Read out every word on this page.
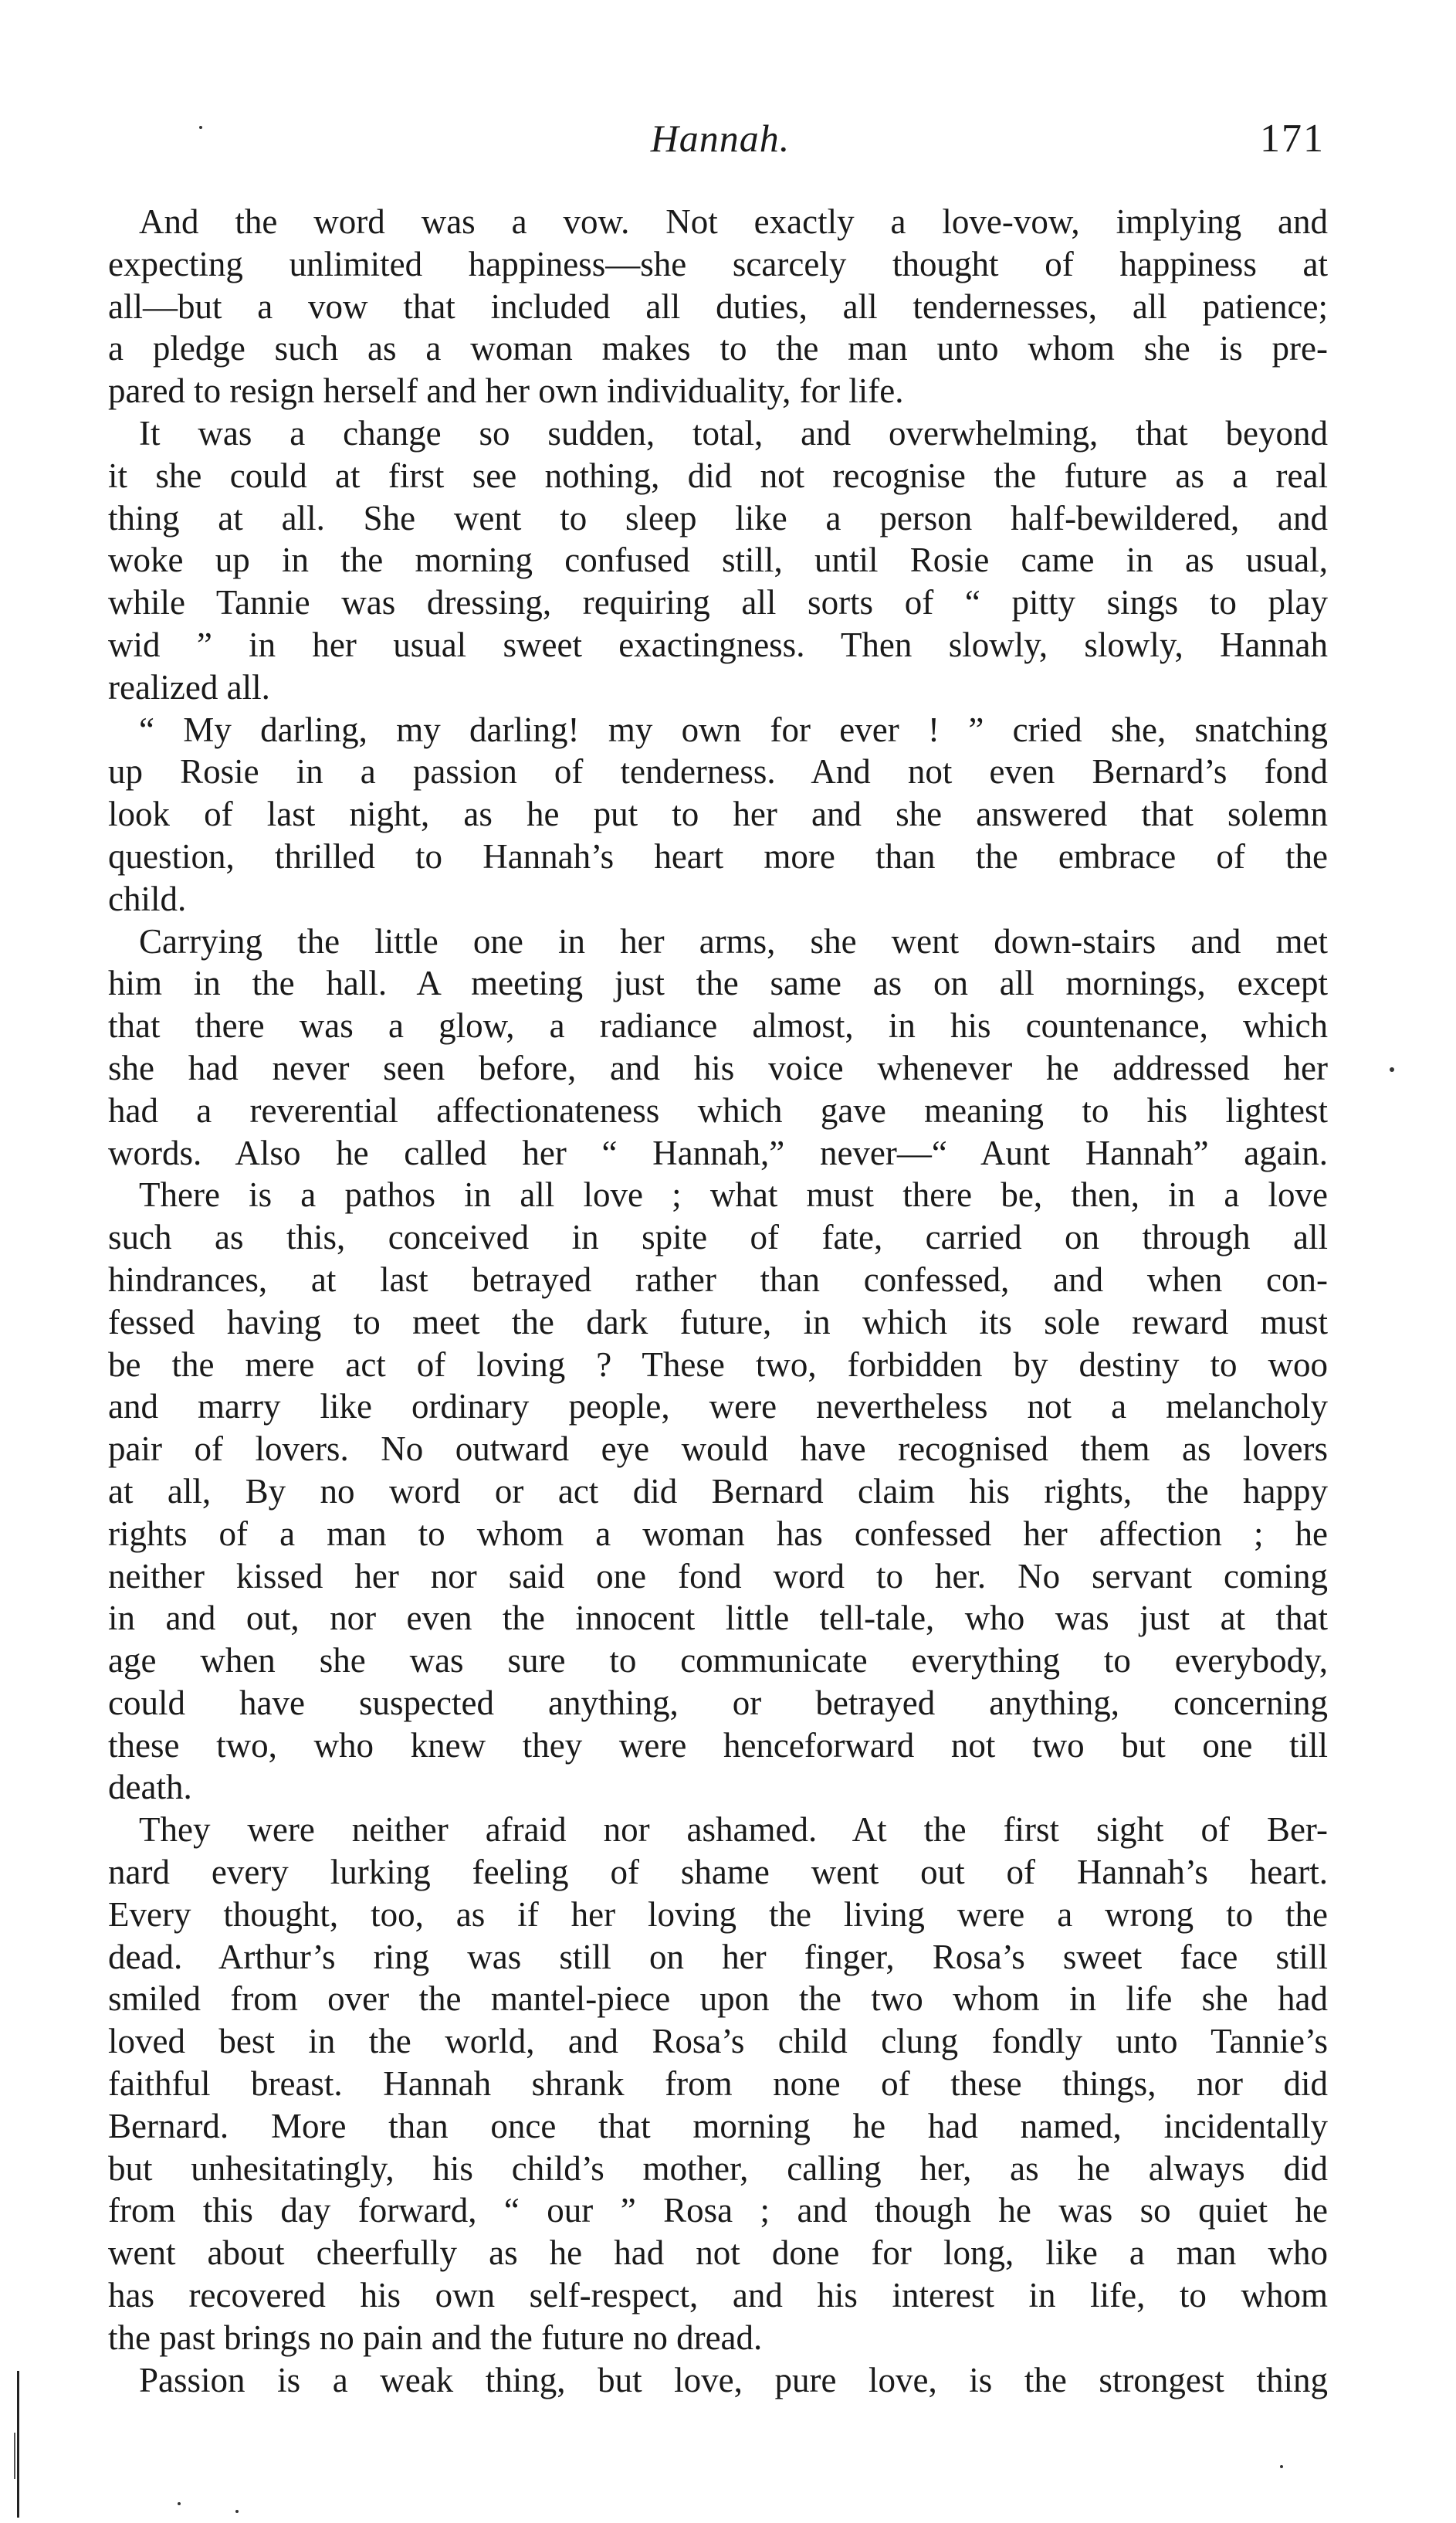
Hannah.	171
And the word was a vow. Not exactly a love-vow, implying and
expecting unlimited happiness—she scarcely thought of happiness at
all—but a vow that included all duties, all tendernesses, all patience;
a pledge such as a woman makes to the man unto whom she is pre-
pared to resign herself and her own individuality, for life.
It was a change so sudden, total, and overwhelming, that beyond
it she could at first see nothing, did not recognise the future as a real
thing at all. She went to sleep like a person half-bewildered, and
woke up in the morning confused still, until Rosie came in as usual,
while Tannie was dressing, requiring all sorts of “ pitty sings to play
wid ” in her usual sweet exactingness. Then slowly, slowly, Hannah
realized all.
“ My darling, my darling! my own for ever ! ” cried she, snatching
up Rosie in a passion of tenderness. And not even Bernard’s fond
look of last night, as he put to her and she answered that solemn
question, thrilled to Hannah’s heart more than the embrace of the
child.
Carrying the little one in her arms, she went down-stairs and met
him in the hall. A meeting just the same as on all mornings, except
that there was a glow, a radiance almost, in his countenance, which
she had never seen before, and his voice whenever he addressed her
had a reverential affectionateness which gave meaning to his lightest
words. Also he called her “ Hannah,” never—“ Aunt Hannah” again.
There is a pathos in all love ; what must there be, then, in a love
such as this, conceived in spite of fate, carried on through all
hindrances, at last betrayed rather than confessed, and when con-
fessed having to meet the dark future, in which its sole reward must
be the mere act of loving ? These two, forbidden by destiny to woo
and marry like ordinary people, were nevertheless not a melancholy
pair of lovers. No outward eye would have recognised them as lovers
at all, By no word or act did Bernard claim his rights, the happy
rights of a man to whom a woman has confessed her affection ; he
neither kissed her nor said one fond word to her. No servant coming
in and out, nor even the innocent little tell-tale, who was just at that
age when she was sure to communicate everything to everybody,
could have suspected anything, or betrayed anything, concerning
these two, who knew they were henceforward not two but one till
death.
They were neither afraid nor ashamed. At the first sight of Ber-
nard every lurking feeling of shame went out of Hannah’s heart.
Every thought, too, as if her loving the living were a wrong to the
dead. Arthur’s ring was still on her finger, Rosa’s sweet face still
smiled from over the mantel-piece upon the two whom in life she had
loved best in the world, and Rosa’s child clung fondly unto Tannie’s
faithful breast. Hannah shrank from none of these things, nor did
Bernard. More than once that morning he had named, incidentally
but unhesitatingly, his child’s mother, calling her, as he always did
from this day forward, “ our ” Rosa ; and though he was so quiet he
went about cheerfully as he had not done for long, like a man who
has recovered his own self-respect, and his interest in life, to whom
the past brings no pain and the future no dread.
Passion is a weak thing, but love, pure love, is the strongest thing
